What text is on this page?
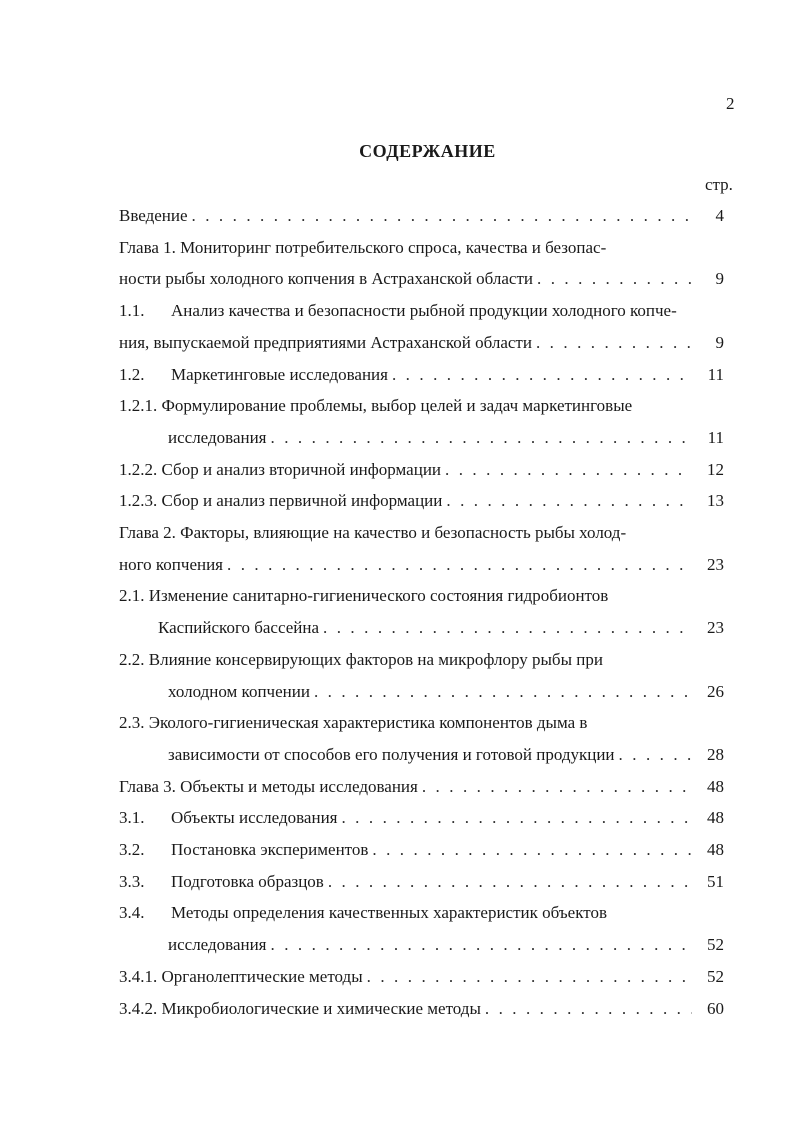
2
СОДЕРЖАНИЕ
стр.
Введение . . .	4
Глава 1. Мониторинг потребительского спроса, качества и безопас-
ности рыбы холодного копчения в Астраханской области . . .	9
1.1.	Анализ качества и безопасности рыбной продукции холодного копче-
ния, выпускаемой предприятиями Астраханской области . . .	9
1.2.	Маркетинговые исследования . . .	11
1.2.1. Формулирование проблемы, выбор целей и задач маркетинговые
исследования . . .	11
1.2.2. Сбор и анализ вторичной информации . . .	12
1.2.3. Сбор и анализ первичной информации . . .	13
Глава 2. Факторы, влияющие на качество и безопасность рыбы холод-
ного копчения . . .	23
2.1. Изменение санитарно-гигиенического состояния гидробионтов
Каспийского бассейна . . .	23
2.2. Влияние консервирующих факторов на микрофлору рыбы при
холодном копчении . . .	26
2.3. Эколого-гигиеническая характеристика компонентов дыма в
зависимости от способов его получения и готовой продукции . . .	28
Глава 3. Объекты и методы исследования . . .	48
3.1.	Объекты исследования . . .	48
3.2.	Постановка экспериментов . . .	48
3.3.	Подготовка образцов . . .	51
3.4.	Методы определения качественных характеристик объектов
исследования . . .	52
3.4.1. Органолептические методы . . .	52
3.4.2. Микробиологические и химические методы . . .	60
